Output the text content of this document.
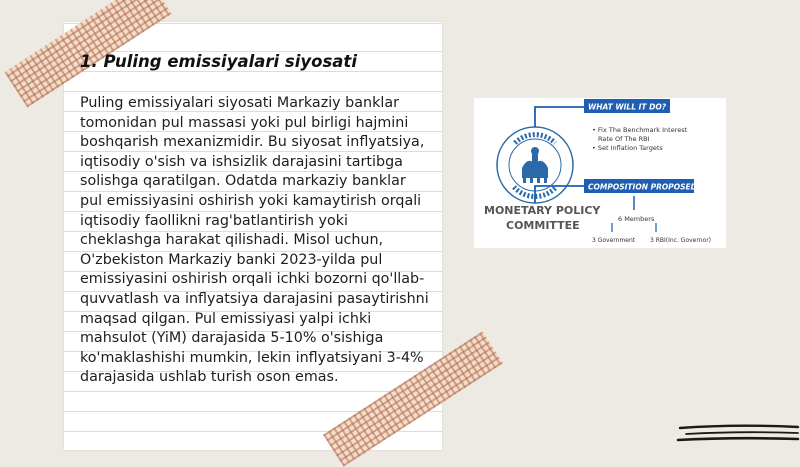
1. Puling emissiyalari siyosati

Puling emissiyalari siyosati Markaziy banklar tomonidan pul massasi yoki pul birligi hajmini boshqarish mexanizmidir. Bu siyosat inflyatsiya, iqtisodiy o'sish va ishsizlik darajasini tartibga solishga qaratilgan. Odatda markaziy banklar pul emissiyasini oshirish yoki kamaytirish orqali iqtisodiy faollikni rag'batlantirish yoki cheklashga harakat qilishadi. Misol uchun, O'zbekiston Markaziy banki 2023-yilda pul emissiyasini oshirish orqali ichki bozorni qo'llab-quvvatlash va inflyatsiya darajasini pasaytirishni maqsad qilgan. Pul emissiyasi yalpi ichki mahsulot (YiM) darajasida 5-10% o'sishiga ko'maklashishi mumkin, lekin inflyatsiyani 3-4% darajasida ushlab turish oson emas.

WHAT WILL IT DO?
COMPOSITION PROPOSED
• Fix The Benchmark Interest
Rate Of The RBI
• Set Inflation Targets
MONETARY POLICY
COMMITTEE	6 Members
3 Government 3 RBI(Inc. Governor)
